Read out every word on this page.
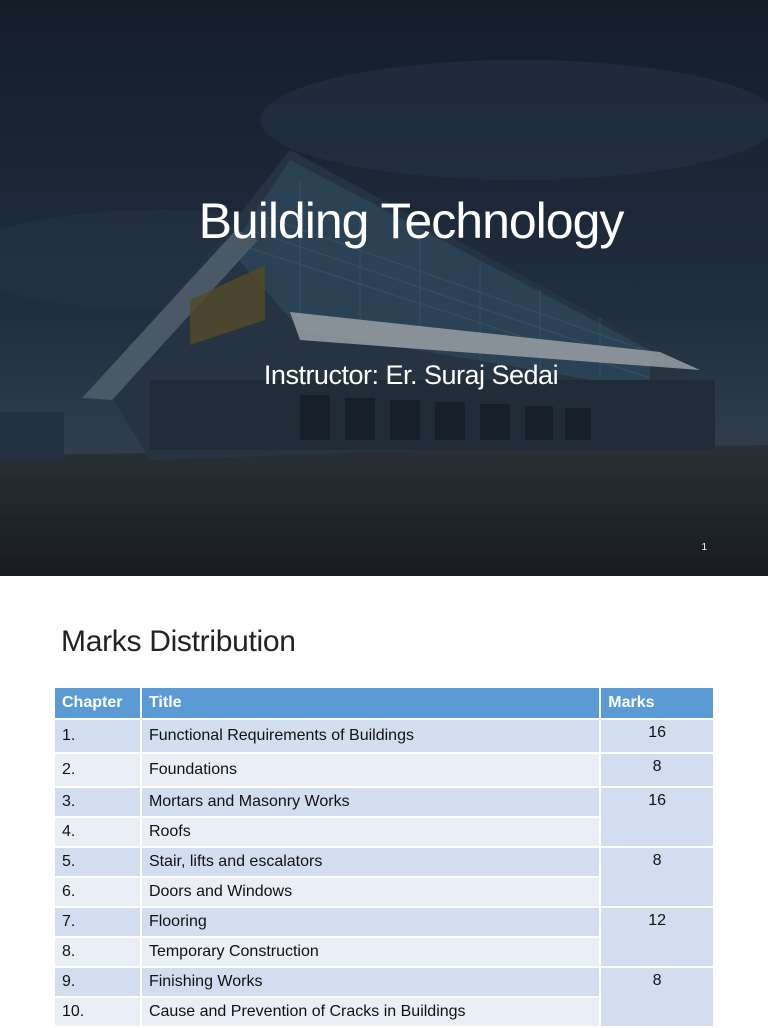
Building Technology
Instructor: Er. Suraj Sedai
1
Marks Distribution
Chapter	Title	Marks
1.	Functional Requirements of Buildings	16
2.	Foundations	8
3.	Mortars and Masonry Works	16
4.	Roofs	
5.	Stair, lifts and escalators	8
6.	Doors and Windows	
7.	Flooring	12
8.	Temporary Construction	
9.	Finishing Works	8
10.	Cause and Prevention of Cracks in Buildings	
